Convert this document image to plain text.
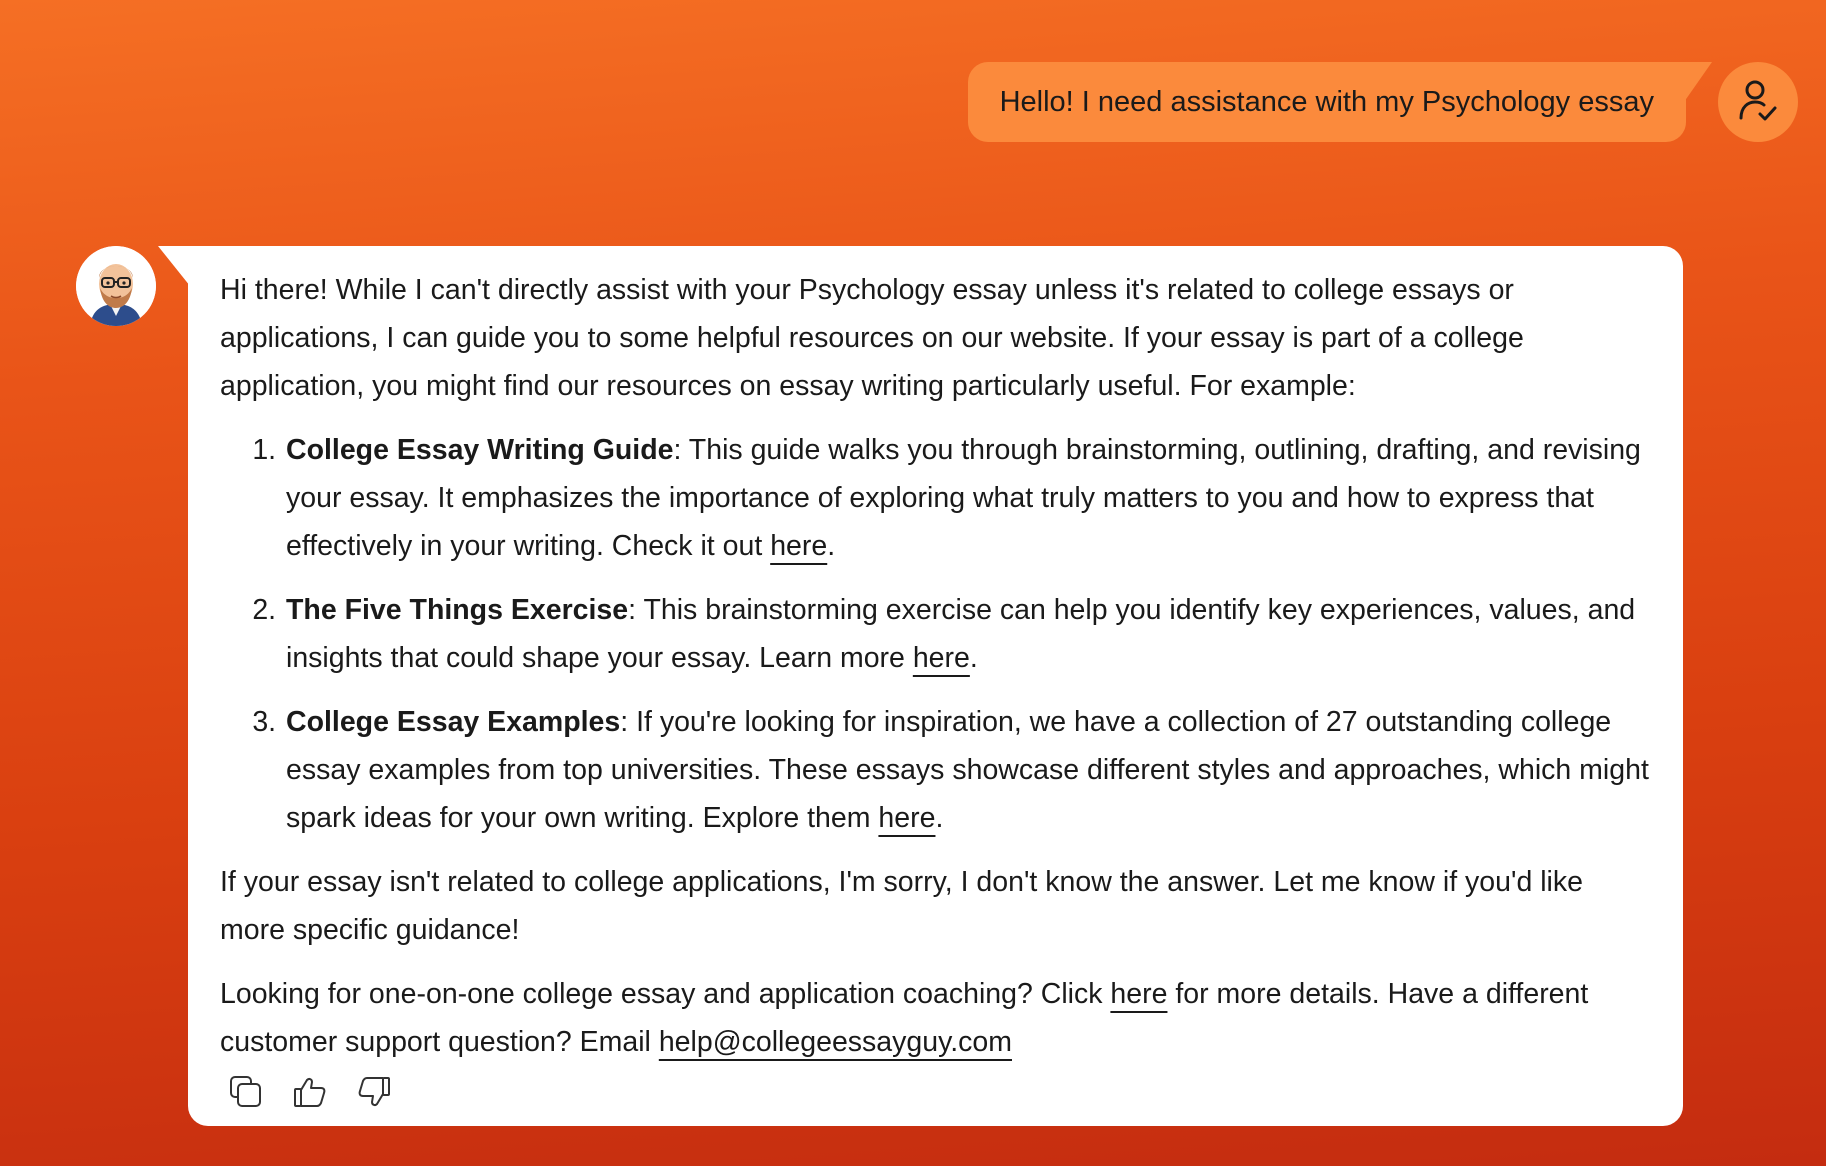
Hello! I need assistance with my Psychology essay

Hi there! While I can't directly assist with your Psychology essay unless it's related to college essays or applications, I can guide you to some helpful resources on our website. If your essay is part of a college application, you might find our resources on essay writing particularly useful. For example:

1. College Essay Writing Guide: This guide walks you through brainstorming, outlining, drafting, and revising your essay. It emphasizes the importance of exploring what truly matters to you and how to express that effectively in your writing. Check it out here.
2. The Five Things Exercise: This brainstorming exercise can help you identify key experiences, values, and insights that could shape your essay. Learn more here.
3. College Essay Examples: If you're looking for inspiration, we have a collection of 27 outstanding college essay examples from top universities. These essays showcase different styles and approaches, which might spark ideas for your own writing. Explore them here.

If your essay isn't related to college applications, I'm sorry, I don't know the answer. Let me know if you'd like more specific guidance!

Looking for one-on-one college essay and application coaching? Click here for more details. Have a different customer support question? Email help@collegeessayguy.com
